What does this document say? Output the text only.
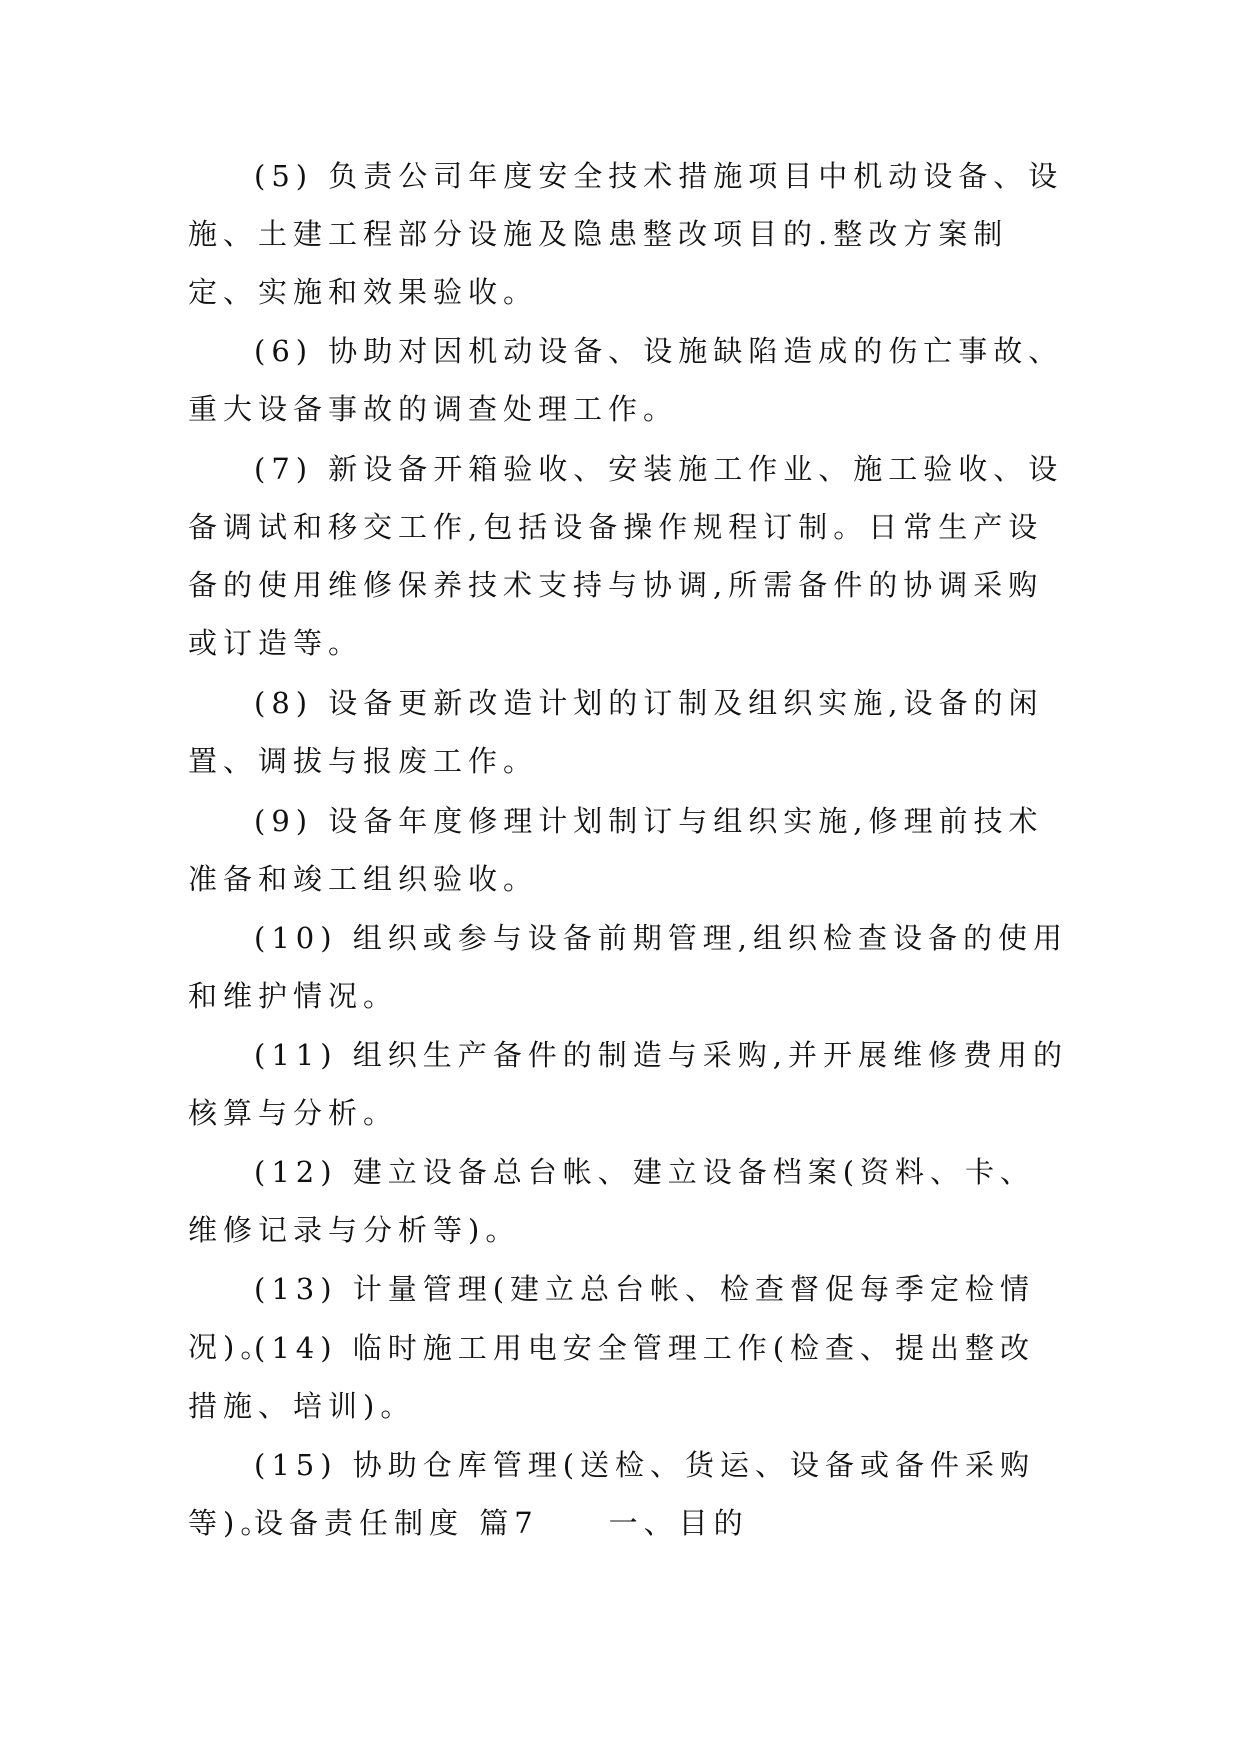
(5) 负责公司年度安全技术措施项目中机动设备、设施、土建工程部分设施及隐患整改项目的.整改方案制定、实施和效果验收。

(6) 协助对因机动设备、设施缺陷造成的伤亡事故、重大设备事故的调查处理工作。

(7) 新设备开箱验收、安装施工作业、施工验收、设备调试和移交工作,包括设备操作规程订制。日常生产设备的使用维修保养技术支持与协调,所需备件的协调采购或订造等。

(8) 设备更新改造计划的订制及组织实施,设备的闲置、调拔与报废工作。

(9) 设备年度修理计划制订与组织实施,修理前技术准备和竣工组织验收。

(10) 组织或参与设备前期管理,组织检查设备的使用和维护情况。

(11) 组织生产备件的制造与采购,并开展维修费用的核算与分析。

(12) 建立设备总台帐、建立设备档案(资料、卡、维修记录与分析等)。

(13) 计量管理(建立总台帐、检查督促每季定检情况)。

(14) 临时施工用电安全管理工作(检查、提出整改措施、培训)。

(15) 协助仓库管理(送检、货运、设备或备件采购等)。

设备责任制度 篇7 一、目的
